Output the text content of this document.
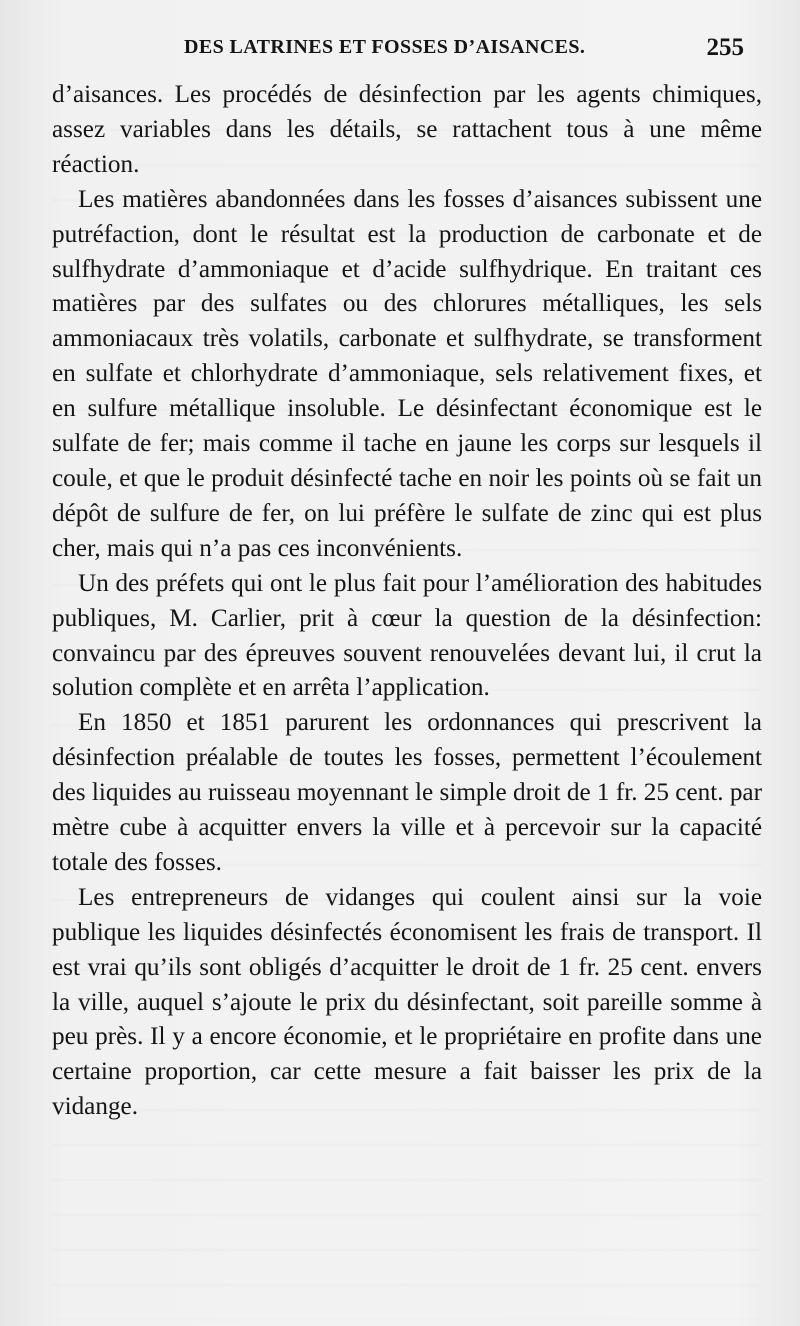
DES LATRINES ET FOSSES D’AISANCES.	255

d’aisances. Les procédés de désinfection par les agents chimiques, assez variables dans les détails, se rattachent tous à une même réaction.

Les matières abandonnées dans les fosses d’aisances subissent une putréfaction, dont le résultat est la production de carbonate et de sulfhydrate d’ammoniaque et d’acide sulfhydrique. En traitant ces matières par des sulfates ou des chlorures métalliques, les sels ammoniacaux très volatils, carbonate et sulfhydrate, se transforment en sulfate et chlorhydrate d’ammoniaque, sels relativement fixes, et en sulfure métallique insoluble. Le désinfectant économique est le sulfate de fer; mais comme il tache en jaune les corps sur lesquels il coule, et que le produit désinfecté tache en noir les points où se fait un dépôt de sulfure de fer, on lui préfère le sulfate de zinc qui est plus cher, mais qui n’a pas ces inconvénients.

Un des préfets qui ont le plus fait pour l’amélioration des habitudes publiques, M. Carlier, prit à cœur la question de la désinfection: convaincu par des épreuves souvent renouvelées devant lui, il crut la solution complète et en arrêta l’application.

En 1850 et 1851 parurent les ordonnances qui prescrivent la désinfection préalable de toutes les fosses, permettent l’écoulement des liquides au ruisseau moyennant le simple droit de 1 fr. 25 cent. par mètre cube à acquitter envers la ville et à percevoir sur la capacité totale des fosses.

Les entrepreneurs de vidanges qui coulent ainsi sur la voie publique les liquides désinfectés économisent les frais de transport. Il est vrai qu’ils sont obligés d’acquitter le droit de 1 fr. 25 cent. envers la ville, auquel s’ajoute le prix du désinfectant, soit pareille somme à peu près. Il y a encore économie, et le propriétaire en profite dans une certaine proportion, car cette mesure a fait baisser les prix de la vidange.
